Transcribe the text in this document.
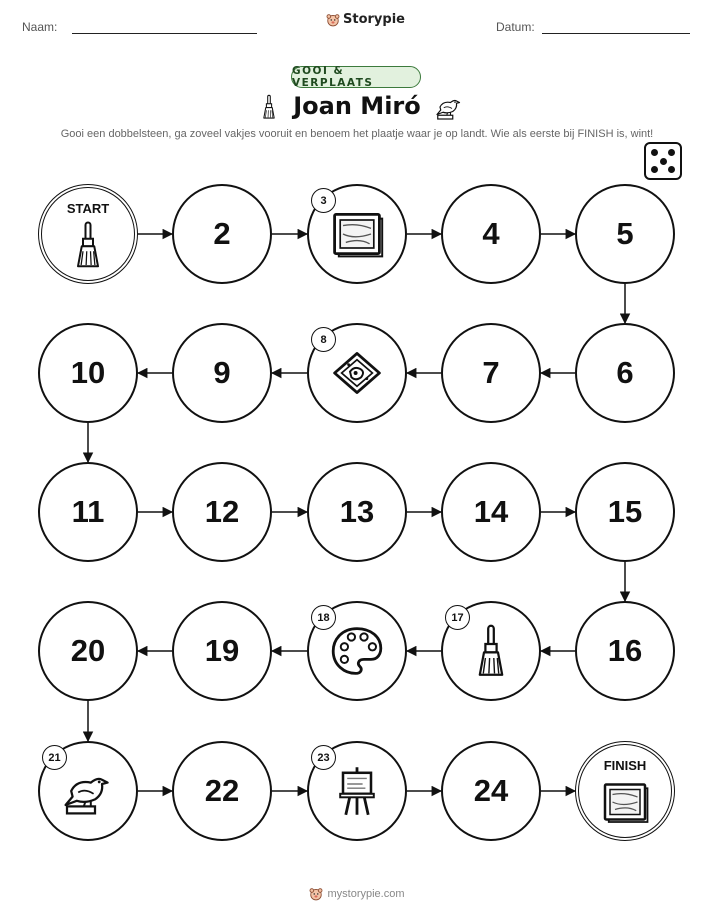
Naam:	Storypie	Datum:
GOOI & VERPLAATS
Joan Miró
Gooi een dobbelsteen, ga zoveel vakjes vooruit en benoem het plaatje waar je op landt. Wie als eerste bij FINISH is, wint!
START
2
3
4	5
6
7
8
9
10
11	12	13	14	15
16
17
18
19
20
21
22
23
24
FINISH
mystorypie.com
